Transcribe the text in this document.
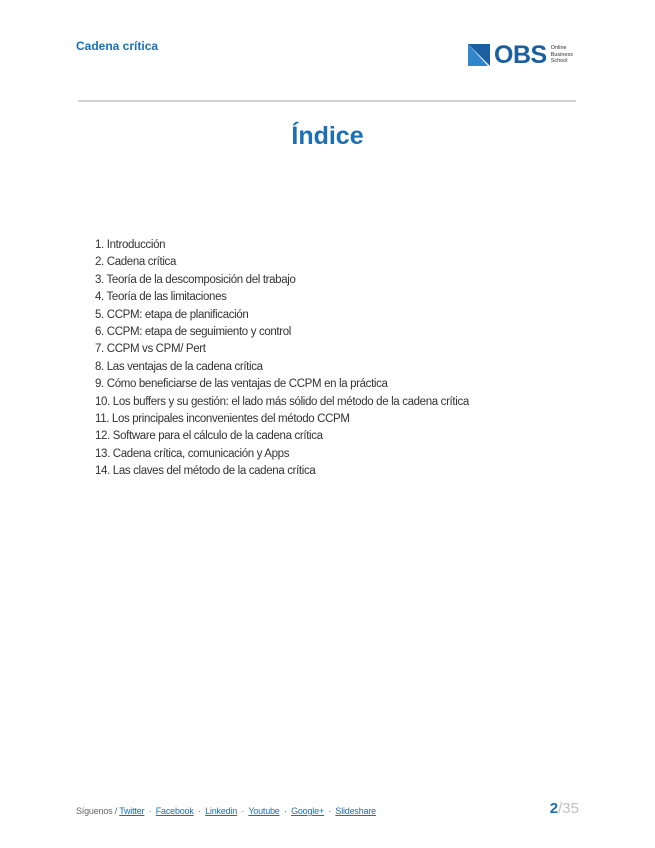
Cadena crítica	OBS Online
Business
School
Índice
1. Introducción
2. Cadena crítica
3. Teoría de la descomposición del trabajo
4. Teoría de las limitaciones
5. CCPM: etapa de planificación
6. CCPM: etapa de seguimiento y control
7. CCPM vs CPM/ Pert
8. Las ventajas de la cadena crítica
9. Cómo beneficiarse de las ventajas de CCPM en la práctica
10. Los buffers y su gestión: el lado más sólido del método de la cadena crítica
11. Los principales inconvenientes del método CCPM
12. Software para el cálculo de la cadena crítica
13. Cadena crítica, comunicación y Apps
14. Las claves del método de la cadena crítica
Síguenos / Twitter · Facebook · Linkedin · Youtube · Google+ · Slideshare	2/35
